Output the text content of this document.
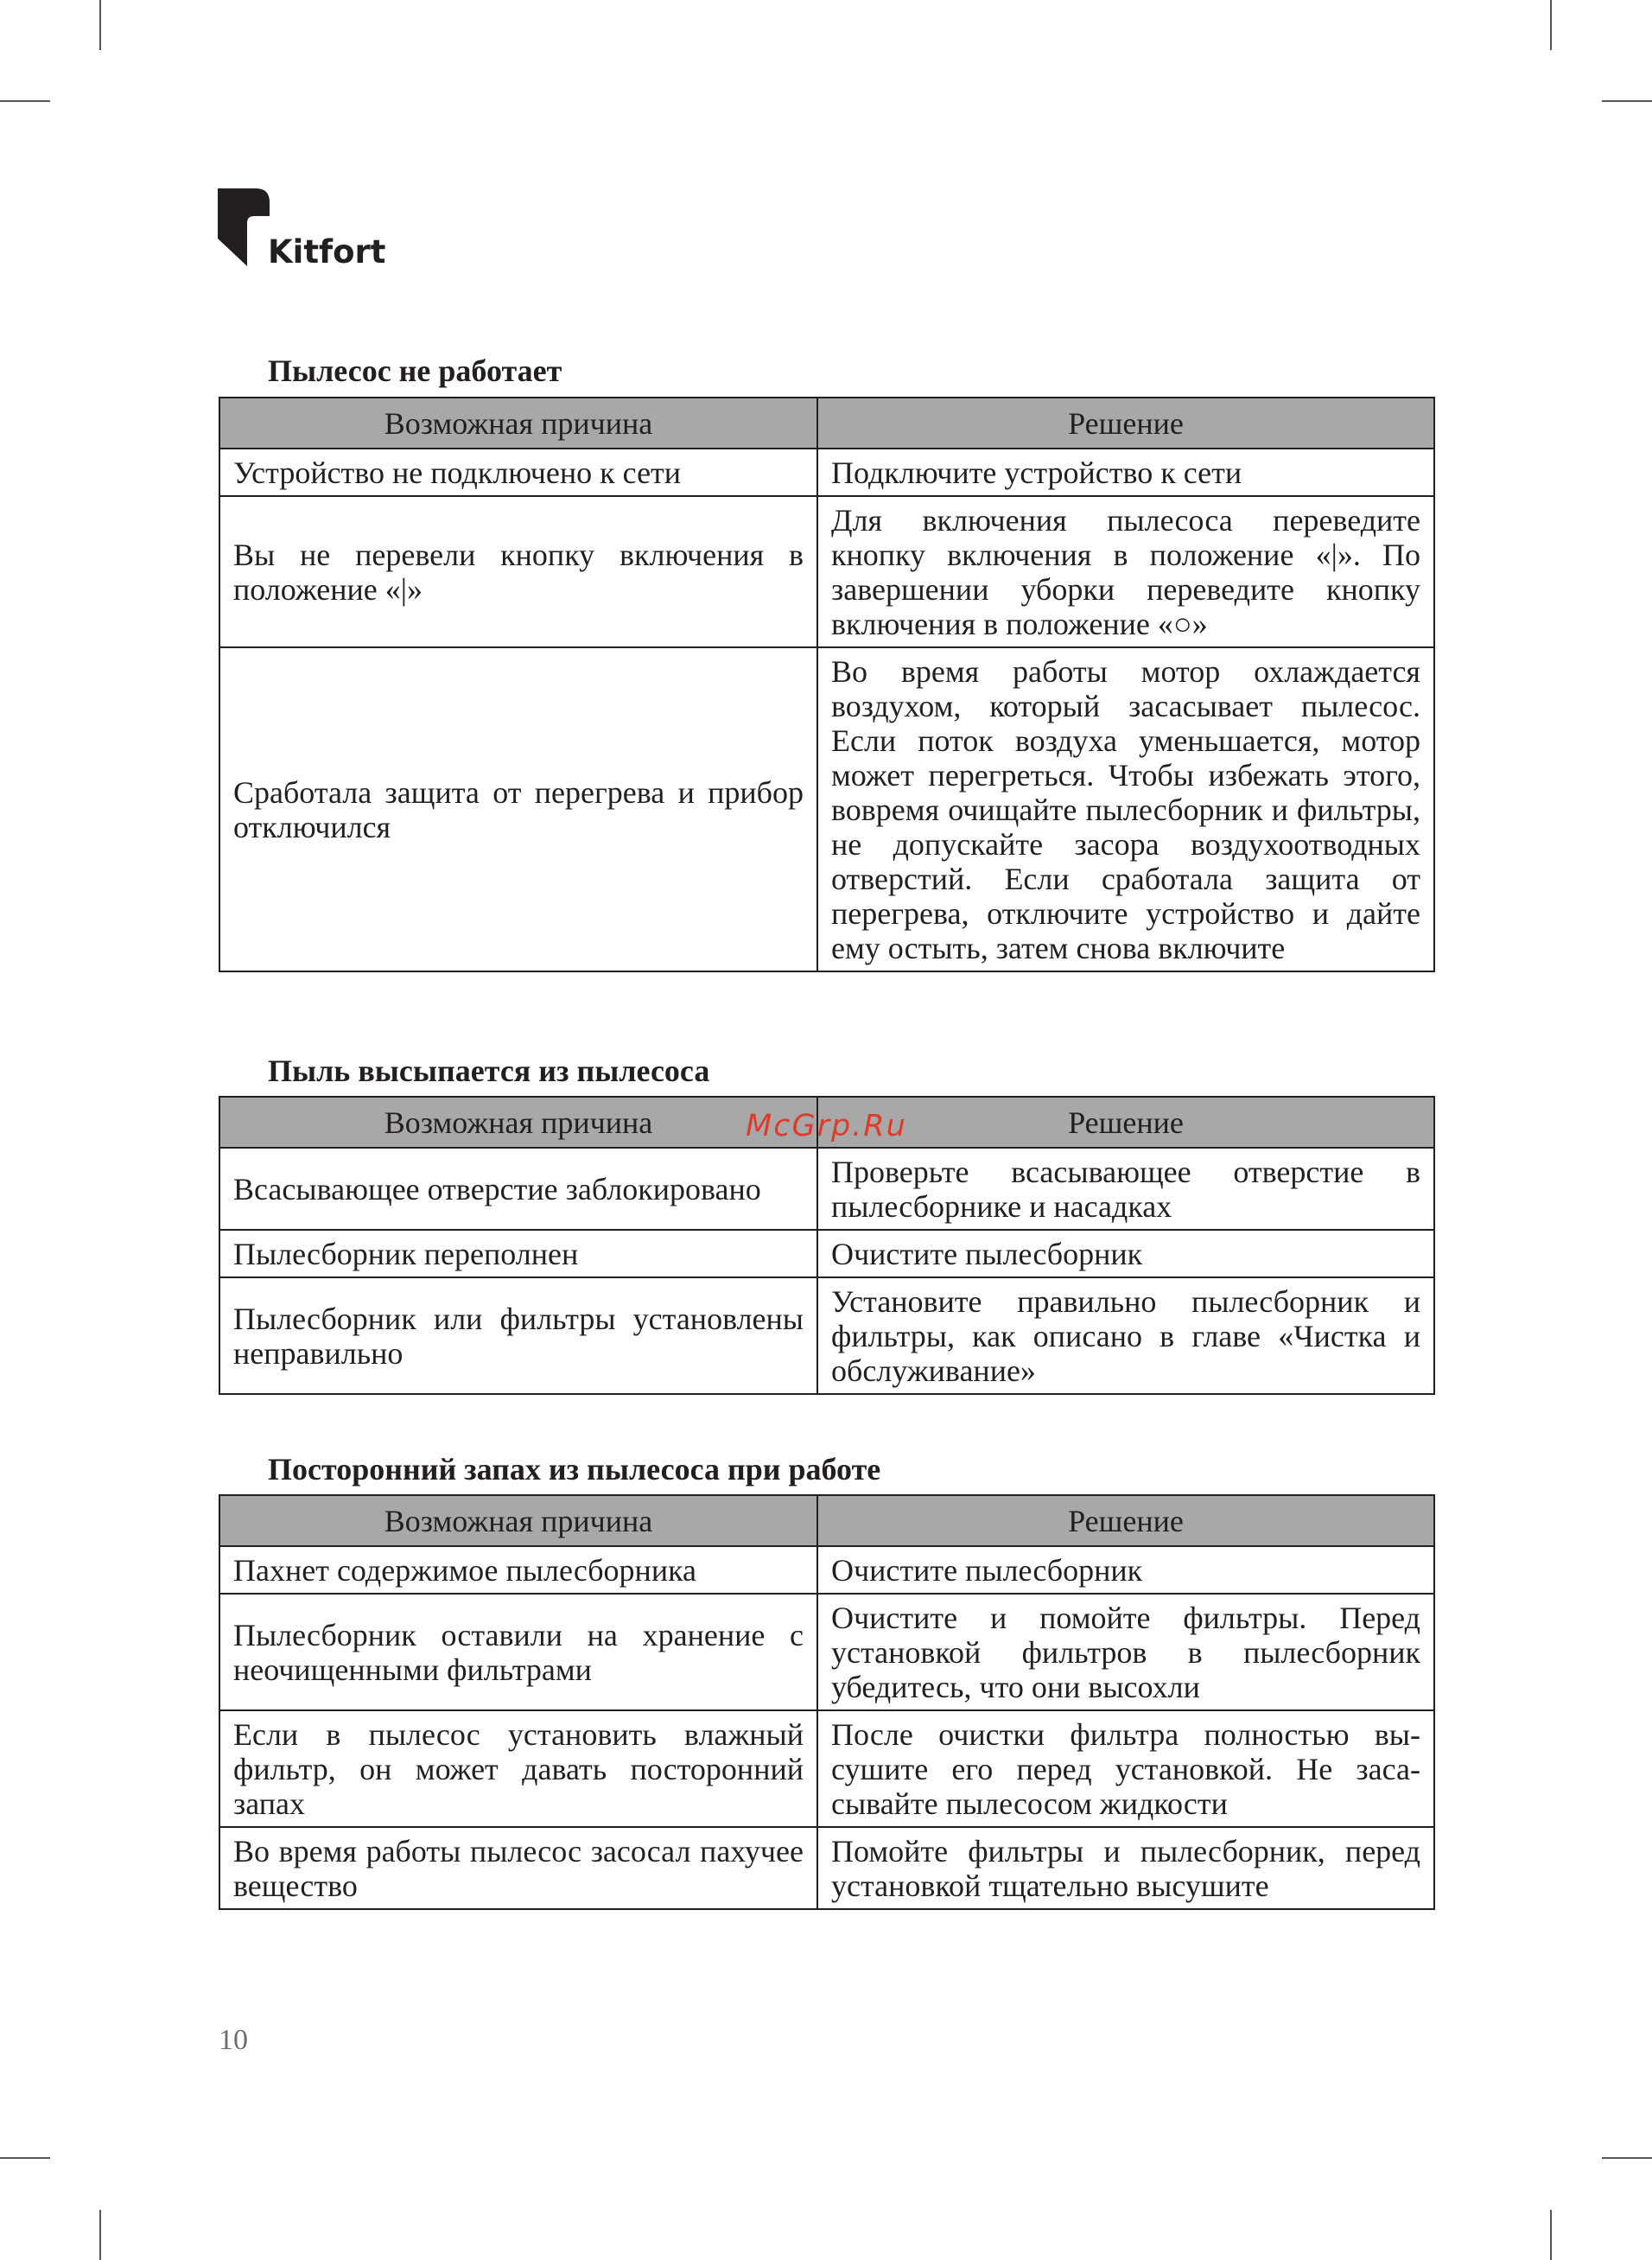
Kitfort
Пылесос не работает
Возможная причина	Решение
Устройство не подключено к сети	Подключите устройство к сети
Вы не перевели кнопку включения в положение «|»	Для включения пылесоса переведите кнопку включения в положение «|». По завершении уборки переведите кнопку включения в положение «○»
Сработала защита от перегрева и прибор отключился	Во время работы мотор охлаждается воздухом, который засасывает пылесос. Если поток воздуха уменьшается, мотор может перегреться. Чтобы избежать этого, вовремя очищайте пылесборник и фильтры, не допускайте засора воздухоотводных отверстий. Если сработала защита от перегрева, отключите устройство и дайте ему остыть, затем снова включите
Пыль высыпается из пылесоса
Возможная причина	Решение
Всасывающее отверстие заблокировано	Проверьте всасывающее отверстие в пылесборнике и насадках
Пылесборник переполнен	Очистите пылесборник
Пылесборник или фильтры установлены неправильно	Установите правильно пылесборник и фильтры, как описано в главе «Чистка и обслуживание»
McGrp.Ru
Посторонний запах из пылесоса при работе
Возможная причина	Решение
Пахнет содержимое пылесборника	Очистите пылесборник
Пылесборник оставили на хранение с неочищенными фильтрами	Очистите и помойте фильтры. Перед установкой фильтров в пылесборник убедитесь, что они высохли
Если в пылесос установить влажный фильтр, он может давать посторонний запах	После очистки фильтра полностью высушите его перед установкой. Не засасывайте пылесосом жидкости
Во время работы пылесос засосал пахучее вещество	Помойте фильтры и пылесборник, перед установкой тщательно высушите
10
